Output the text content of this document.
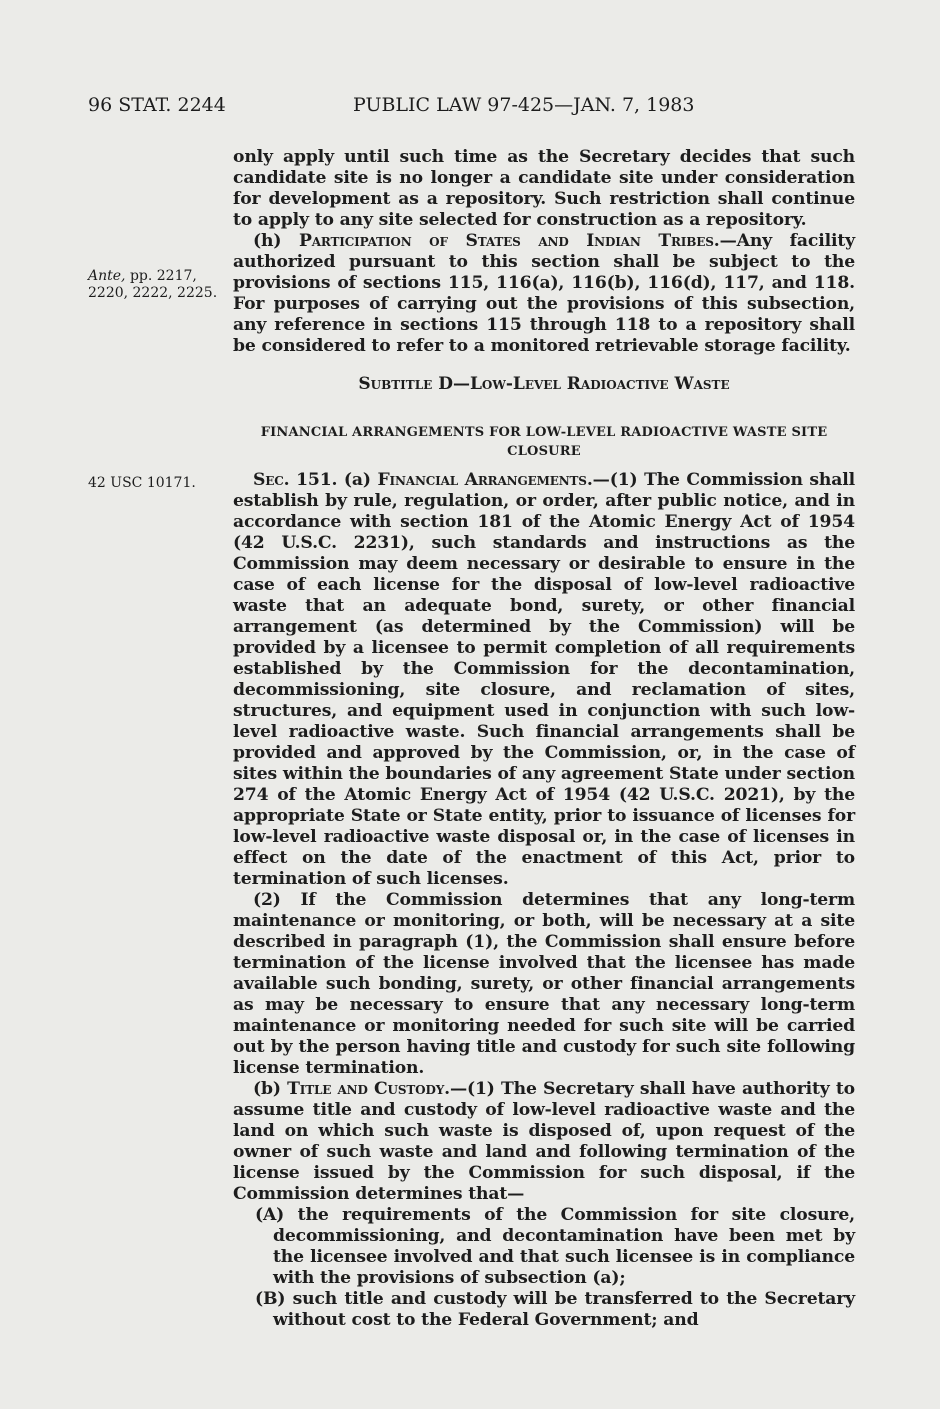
96 STAT. 2244	PUBLIC LAW 97-425—JAN. 7, 1983
Ante, pp. 2217, 2220, 2222, 2225.

only apply until such time as the Secretary decides that such candidate site is no longer a candidate site under consideration for development as a repository. Such restriction shall continue to apply to any site selected for construction as a repository.

(h) Participation of States and Indian Tribes.—Any facility authorized pursuant to this section shall be subject to the provisions of sections 115, 116(a), 116(b), 116(d), 117, and 118. For purposes of carrying out the provisions of this subsection, any reference in sections 115 through 118 to a repository shall be considered to refer to a monitored retrievable storage facility.

Subtitle D—Low-Level Radioactive Waste
FINANCIAL ARRANGEMENTS FOR LOW-LEVEL RADIOACTIVE WASTE SITE CLOSURE
42 USC 10171.	Sec. 151. (a) Financial Arrangements.—(1) The Commission shall establish by rule, regulation, or order, after public notice, and in accordance with section 181 of the Atomic Energy Act of 1954 (42 U.S.C. 2231), such standards and instructions as the Commission may deem necessary or desirable to ensure in the case of each license for the disposal of low-level radioactive waste that an adequate bond, surety, or other financial arrangement (as determined by the Commission) will be provided by a licensee to permit completion of all requirements established by the Commission for the decontamination, decommissioning, site closure, and reclamation of sites, structures, and equipment used in conjunction with such low-level radioactive waste. Such financial arrangements shall be provided and approved by the Commission, or, in the case of sites within the boundaries of any agreement State under section 274 of the Atomic Energy Act of 1954 (42 U.S.C. 2021), by the appropriate State or State entity, prior to issuance of licenses for low-level radioactive waste disposal or, in the case of licenses in effect on the date of the enactment of this Act, prior to termination of such licenses.

(2) If the Commission determines that any long-term maintenance or monitoring, or both, will be necessary at a site described in paragraph (1), the Commission shall ensure before termination of the license involved that the licensee has made available such bonding, surety, or other financial arrangements as may be necessary to ensure that any necessary long-term maintenance or monitoring needed for such site will be carried out by the person having title and custody for such site following license termination.

(b) Title and Custody.—(1) The Secretary shall have authority to assume title and custody of low-level radioactive waste and the land on which such waste is disposed of, upon request of the owner of such waste and land and following termination of the license issued by the Commission for such disposal, if the Commission determines that—

(A) the requirements of the Commission for site closure, decommissioning, and decontamination have been met by the licensee involved and that such licensee is in compliance with the provisions of subsection (a);

(B) such title and custody will be transferred to the Secretary without cost to the Federal Government; and
